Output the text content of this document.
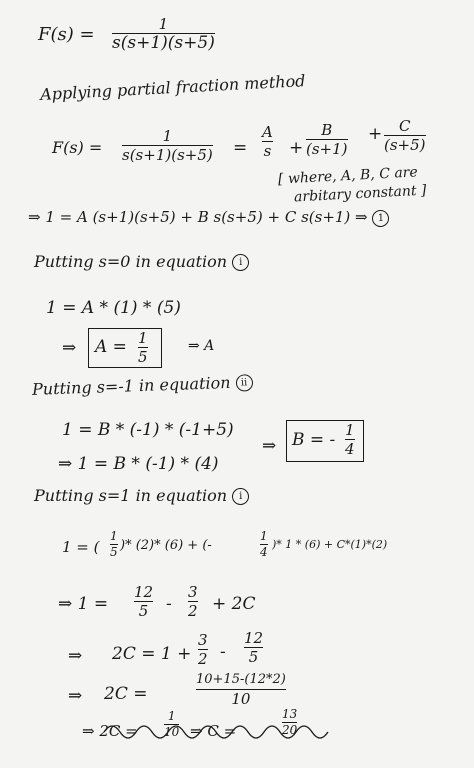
F(s) =	1
s(s+1)(s+5)
Applying partial fraction method
F(s) =
1
s(s+1)(s+5) =
A
s +
B
(s+1)
+ C
(s+5)
[ where, A, B, C are
arbitary constant ]
⇒ 1 = A (s+1)(s+5) + B s(s+5) + C s(s+1) ⇒ 1
Putting s=0 in equation i
1 = A * (1) * (5)
⇒ A = 1
5
⇒ A
Putting s=-1 in equation ii
1 = B * (-1) * (-1+5)
⇒ 1 = B * (-1) * (4)
⇒ B = - 1
4
Putting s=1 in equation i
1 = (
1
5 )* (2)* (6) + (-
1
4
)* 1 * (6) + C*(1)*(2)
⇒ 1 =
12
5 -
3
2 + 2C
⇒ 2C = 1 +
3
2 -
12
5
⇒ 2C =
10+15-(12*2)
10
⇒ 2C =
1
10 ⇒ C =
13
20
